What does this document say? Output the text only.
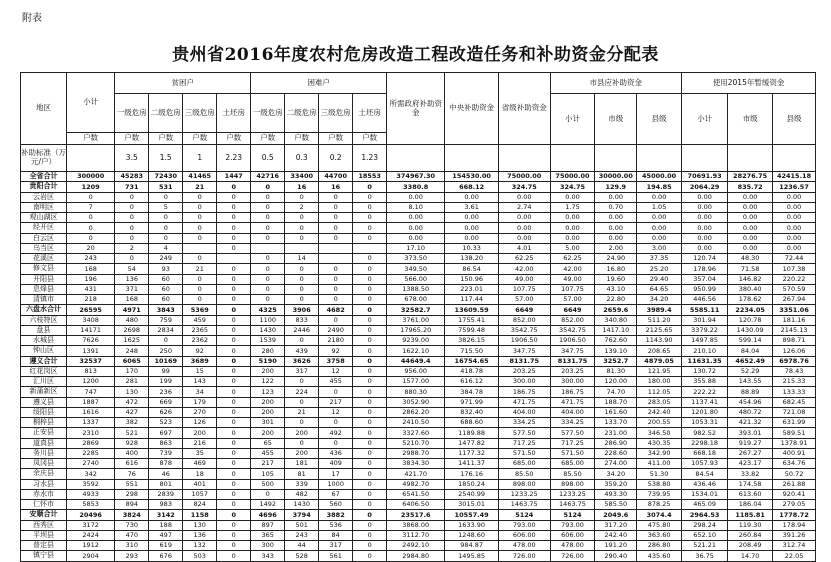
附表
贵州省2016年度农村危房改造工程改造任务和补助资金分配表
地区	小计	贫困户				困难户				所需政府补助资金	中央补助资金	省级补助资金	市县应补助资金			使用2015年暂缓资金		
		一级危房	二级危房	三级危房	土坯房	一级危房	二级危房	三级危房	土坯房				小计	市级	县级	小计	市级	县级
	户数	户数	户数	户数	户数	户数	户数	户数	户数									
补助标准（万元/户）		3.5	1.5	1	2.23	0.5	0.3	0.2	1.23									
全省合计	300000	45283	72430	41465	1447	42716	33400	44700	18553	374967.30	154530.00	75000.00	75000.00	30000.00	45000.00	70691.93	28276.75	42415.18
贵阳合计	1209	731	531	21	0	0	16	16	0	3380.8	668.12	324.75	324.75	129.9	194.85	2064.29	835.72	1236.57
云岩区	0	0	0	0	0	0	0	0	0	0.00	0.00	0.00	0.00	0.00	0.00	0.00	0.00	0.00
南明区	7	0	5	0	0	0	2	0	0	8.10	3.61	2.74	1.75	0.70	1.05	0.00	0.00	0.00
观山湖区	0	0	0	0	0	0	0	0	0	0.00	0.00	0.00	0.00	0.00	0.00	0.00	0.00	0.00
经开区	0	0	0	0	0	0	0	0	0	0.00	0.00	0.00	0.00	0.00	0.00	0.00	0.00	0.00
白云区	0	0	0	0	0	0	0	0	0	0.00	0.00	0.00	0.00	0.00	0.00	0.00	0.00	0.00
乌当区	20	2	4		0					17.10	10.33	4.01	5.00	2.00	3.00	0.00	0.00	0.00
花溪区	243	0	249	0		0	14		0	373.50	138.20	62.25	62.25	24.90	37.35	120.74	48.30	72.44
修文县	168	54	93	21	0	0	0	0	0	349.50	86.54	42.00	42.00	16.80	25.20	178.96	71.58	107.38
开阳县	196	136	60	0	0	0	0	0	0	566.00	150.96	49.00	49.00	19.60	29.40	357.04	146.82	220.22
息烽县	431	371	60	0	0	0	0	0	0	1388.50	223.01	107.75	107.75	43.10	64.65	950.99	380.40	570.59
清镇市	218	168	60	0	0	0	0	0	0	678.00	117.44	57.00	57.00	22.80	34.20	446.56	178.62	267.94
六盘水合计	26595	4971	3843	5369	0	4325	3906	4682	0	32582.7	13609.59	6649	6649	2659.6	3989.4	5585.11	2234.05	3351.06
六枝特区	3408	480	759	459	0	1100	833	0	0	3761.00	1755.41	852.00	852.00	340.80	511.20	301.94	120.78	181.16
盘县	14171	2698	2834	2365	0	1430	2446	2490	0	17965.20	7599.48	3542.75	3542.75	1417.10	2125.65	3379.22	1430.09	2145.13
水城县	7626	1625	0	2362	0	1539	0	2180	0	9239.00	3826.15	1906.50	1906.50	762.60	1143.90	1497.85	599.14	898.71
钟山区	1391	248	250	92	0	280	439	92	0	1622.10	715.50	347.75	347.75	139.10	208.65	210.10	84.04	126.06
遵义合计	32537	6065	10169	3689	0	5190	3626	3758	0	44649.4	16754.65	8131.75	8131.75	3252.7	4879.05	11631.35	4652.49	6978.76
红花岗区	813	170	99	15	0	200	317	12	0	956.00	418.78	203.25	203.25	81.30	121.95	130.72	52.29	78.43
汇川区	1200	281	199	143	0	122	0	455	0	1577.00	616.12	300.00	300.00	120.00	180.00	355.88	143.55	215.33
新蒲新区	747	130	236	34	0	123	224	0	0	880.30	384.78	186.75	186.75	74.70	112.05	222.22	88.89	133.33
遵义县	1887	472	669	179	0	200	0	217	0	3052.90	971.99	471.75	471.75	188.70	283.05	1137.41	454.96	682.45
绥阳县	1616	427	626	270	0	200	21	12	0	2862.20	832.40	404.00	404.00	161.60	242.40	1201.80	480.72	721.08
桐梓县	1337	382	523	126	0	301	0	0	0	2410.50	688.60	334.25	334.25	133.70	200.55	1053.31	421.32	631.99
正安县	2310	521	697	200	0	200	200	492	0	3327.60	1189.88	577.50	577.50	231.00	346.50	982.52	393.01	589.51
道真县	2869	928	863	216	0	65	0	0	0	5210.70	1477.82	717.25	717.25	286.90	430.35	2298.18	919.27	1378.91
务川县	2285	400	739	35	0	455	200	436	0	2988.70	1177.32	571.50	571.50	228.60	342.90	668.18	267.27	400.91
凤冈县	2740	616	878	469	0	217	181	409	0	3834.30	1411.37	685.00	685.00	274.00	411.00	1057.93	423.17	634.76
余庆县	342	76	46	18	0	105	81	17	0	421.70	176.16	85.50	85.50	34.20	51.30	84.54	33.82	50.72
习水县	3592	551	801	401	0	500	339	1000	0	4982.70	1850.24	898.00	898.00	359.20	538.80	436.46	174.58	261.88
赤水市	4933	298	2839	1057	0	0	482	67	0	6541.50	2540.99	1233.25	1233.25	493.30	739.95	1534.01	613.60	920.41
仁怀市	5853	894	983	824	0	1492	1430	560	0	6406.50	3015.01	1463.75	1463.75	585.50	878.25	465.09	186.04	279.05
安顺合计	20496	3824	3142	1158	0	4696	3794	3882	0	23517.6	10557.49	5124	5124	2049.6	3074.4	2964.53	1185.81	1778.72
西秀区	3172	730	188	130	0	897	501	536	0	3868.00	1633.90	793.00	793.00	317.20	475.80	298.24	119.30	178.94
平坝县	2424	470	497	136	0	365	243	84	0	3112.70	1248.60	606.00	606.00	242.40	363.60	652.10	260.84	391.26
普定县	1912	310	619	132	0	300	44	317	0	2492.10	984.87	478.00	478.00	191.20	286.80	521.21	208.49	312.74
镇宁县	2904	293	676	503	0	343	528	561	0	2984.80	1495.85	726.00	726.00	290.40	435.60	36.75	14.70	22.05
